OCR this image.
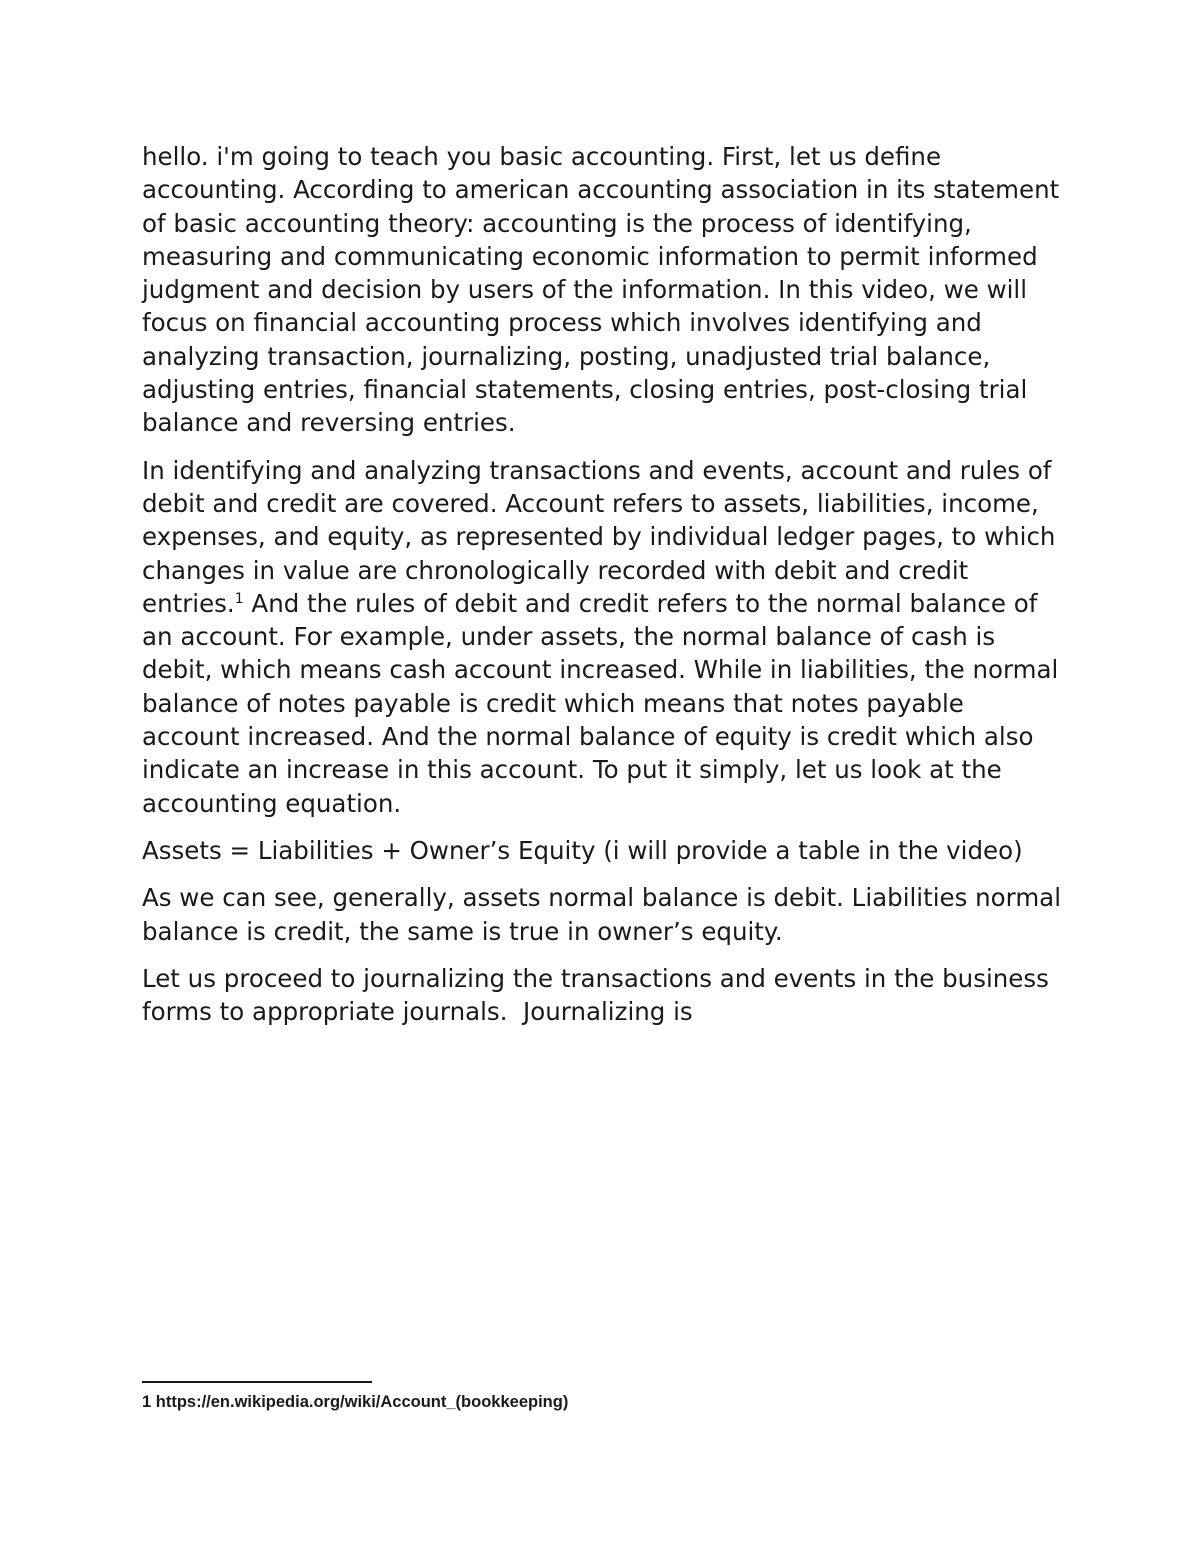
hello. i'm going to teach you basic accounting. First, let us define accounting. According to american accounting association in its statement of basic accounting theory: accounting is the process of identifying, measuring and communicating economic information to permit informed judgment and decision by users of the information. In this video, we will focus on financial accounting process which involves identifying and analyzing transaction, journalizing, posting, unadjusted trial balance, adjusting entries, financial statements, closing entries, post-closing trial balance and reversing entries.

In identifying and analyzing transactions and events, account and rules of debit and credit are covered. Account refers to assets, liabilities, income, expenses, and equity, as represented by individual ledger pages, to which changes in value are chronologically recorded with debit and credit entries.$^1$ And the rules of debit and credit refers to the normal balance of an account. For example, under assets, the normal balance of cash is debit, which means cash account increased. While in liabilities, the normal balance of notes payable is credit which means that notes payable account increased. And the normal balance of equity is credit which also indicate an increase in this account. To put it simply, let us look at the accounting equation.

Assets = Liabilities + Owner’s Equity (i will provide a table in the video)

As we can see, generally, assets normal balance is debit. Liabilities normal balance is credit, the same is true in owner’s equity.

Let us proceed to journalizing the transactions and events in the business forms to appropriate journals.  Journalizing is

1 https://en.wikipedia.org/wiki/Account_(bookkeeping)
